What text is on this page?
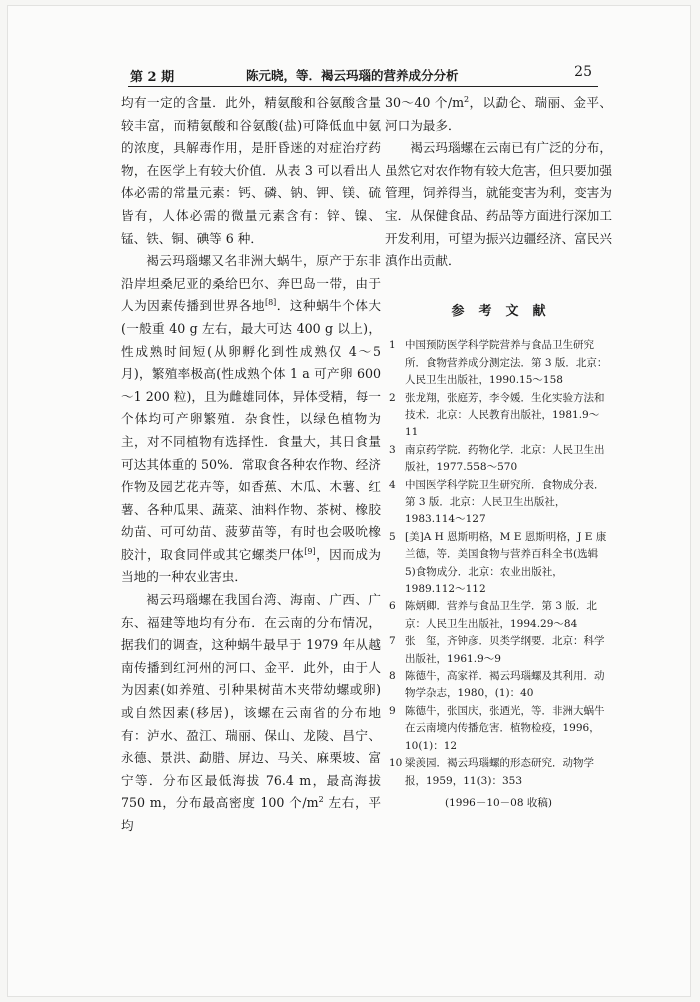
第 2 期	陈元晓，等．褐云玛瑙的营养成分分析	25

均有一定的含量．此外，精氨酸和谷氨酸含量较丰富，而精氨酸和谷氨酸(盐)可降低血中氨的浓度，具解毒作用，是肝昏迷的对症治疗药物，在医学上有较大价值．从表 3 可以看出人体必需的常量元素：钙、磷、钠、钾、镁、硫皆有，人体必需的微量元素含有：锌、镍、锰、铁、铜、碘等 6 种．

褐云玛瑙螺又名非洲大蜗牛，原产于东非沿岸坦桑尼亚的桑给巴尔、奔巴岛一带，由于人为因素传播到世界各地[8]．这种蜗牛个体大(一般重 40 g 左右，最大可达 400 g 以上)，性成熟时间短(从卵孵化到性成熟仅 4～5 月)，繁殖率极高(性成熟个体 1 a 可产卵 600～1 200 粒)，且为雌雄同体，异体受精，每一个体均可产卵繁殖．杂食性，以绿色植物为主，对不同植物有选择性．食量大，其日食量可达其体重的 50%．常取食各种农作物、经济作物及园艺花卉等，如香蕉、木瓜、木薯、红薯、各种瓜果、蔬菜、油料作物、茶树、橡胶幼苗、可可幼苗、菠萝苗等，有时也会吸吮橡胶汁，取食同伴或其它螺类尸体[9]，因而成为当地的一种农业害虫．

褐云玛瑙螺在我国台湾、海南、广西、广东、福建等地均有分布．在云南的分布情况，据我们的调查，这种蜗牛最早于 1979 年从越南传播到红河州的河口、金平．此外，由于人为因素(如养殖、引种果树苗木夹带幼螺或卵)或自然因素(移居)，该螺在云南省的分布地有：泸水、盈江、瑞丽、保山、龙陵、昌宁、永德、景洪、勐腊、屏边、马关、麻栗坡、富宁等．分布区最低海拔 76.4 m，最高海拔 750 m，分布最高密度 100 个$/m^2$ 左右，平均

30～40 个$/m^2$，以勐仑、瑞丽、金平、河口为最多．

褐云玛瑙螺在云南已有广泛的分布，虽然它对农作物有较大危害，但只要加强管理，饲养得当，就能变害为利，变害为宝．从保健食品、药品等方面进行深加工开发利用，可望为振兴边疆经济、富民兴滇作出贡献．

参考文献
1 中国预防医学科学院营养与食品卫生研究所．食物营养成分测定法．第 3 版．北京：人民卫生出版社，1990.15～158
2 张龙翔，张庭芳，李令媛．生化实验方法和技术．北京：人民教育出版社，1981.9～11
3 南京药学院．药物化学．北京：人民卫生出版社，1977.558～570
4 中国医学科学院卫生研究所．食物成分表．第 3 版．北京：人民卫生出版社，1983.114～127
5 [美]A H 恩斯明格，M E 恩斯明格，J E 康兰德，等．美国食物与营养百科全书(选辑 5)食物成分．北京：农业出版社，1989.112～112
6 陈炳卿．营养与食品卫生学．第 3 版．北京：人民卫生出版社，1994.29～84
7 张　玺，齐钟彦．贝类学纲要．北京：科学出版社，1961.9～9
8 陈德牛，高家祥．褐云玛瑙螺及其利用．动物学杂志，1980，(1)：40
9 陈德牛，张国庆，张迺光，等．非洲大蜗牛在云南境内传播危害．植物检疫，1996，10(1)：12
10 梁羡园．褐云玛瑙螺的形态研究．动物学报，1959，11(3)：353
(1996－10－08 收稿)
